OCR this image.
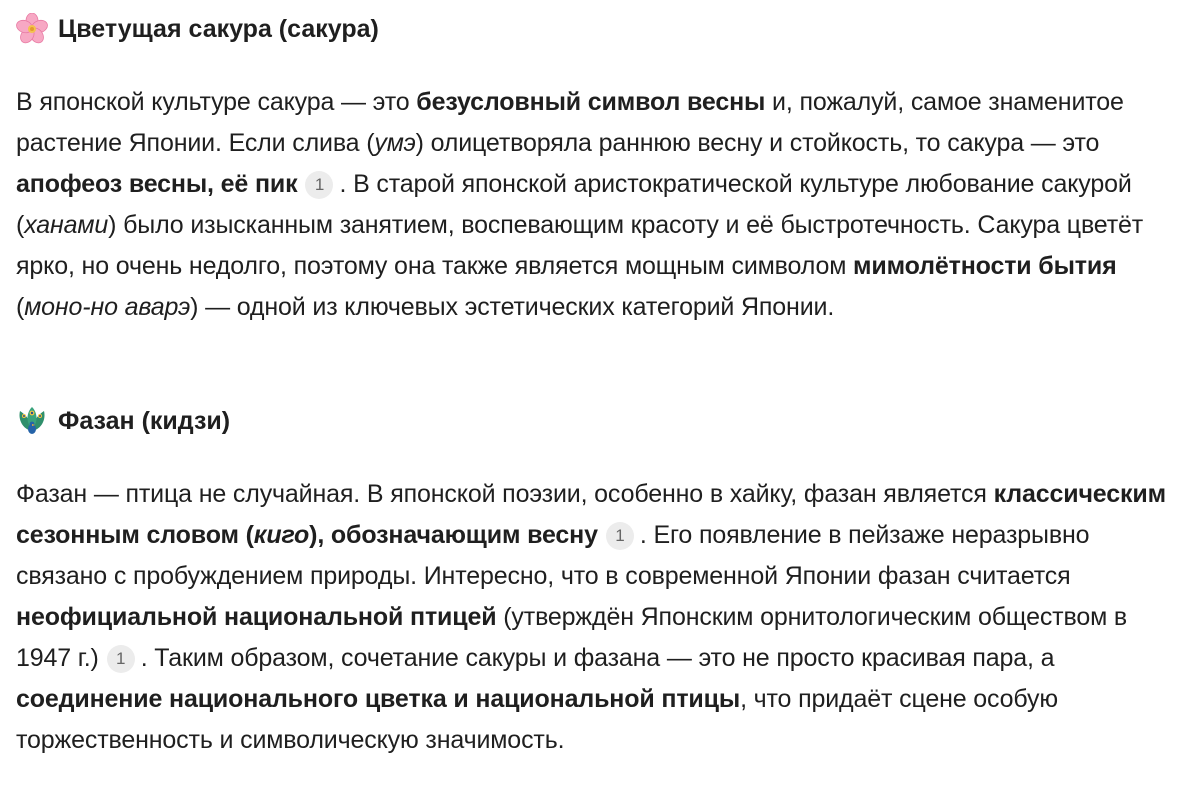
Цветущая сакура (сакура)

В японской культуре сакура — это безусловный символ весны и, пожалуй, самое знаменитое растение Японии. Если слива (умэ) олицетворяла раннюю весну и стойкость, то сакура — это апофеоз весны, её пик 1 . В старой японской аристократической культуре любование сакурой (ханами) было изысканным занятием, воспевающим красоту и её быстротечность. Сакура цветёт ярко, но очень недолго, поэтому она также является мощным символом мимолётности бытия (моно-но аварэ) — одной из ключевых эстетических категорий Японии.

Фазан (кидзи)

Фазан — птица не случайная. В японской поэзии, особенно в хайку, фазан является классическим сезонным словом (киго), обозначающим весну 1 . Его появление в пейзаже неразрывно связано с пробуждением природы. Интересно, что в современной Японии фазан считается неофициальной национальной птицей (утверждён Японским орнитологическим обществом в 1947 г.) 1 . Таким образом, сочетание сакуры и фазана — это не просто красивая пара, а соединение национального цветка и национальной птицы, что придаёт сцене особую торжественность и символическую значимость.
